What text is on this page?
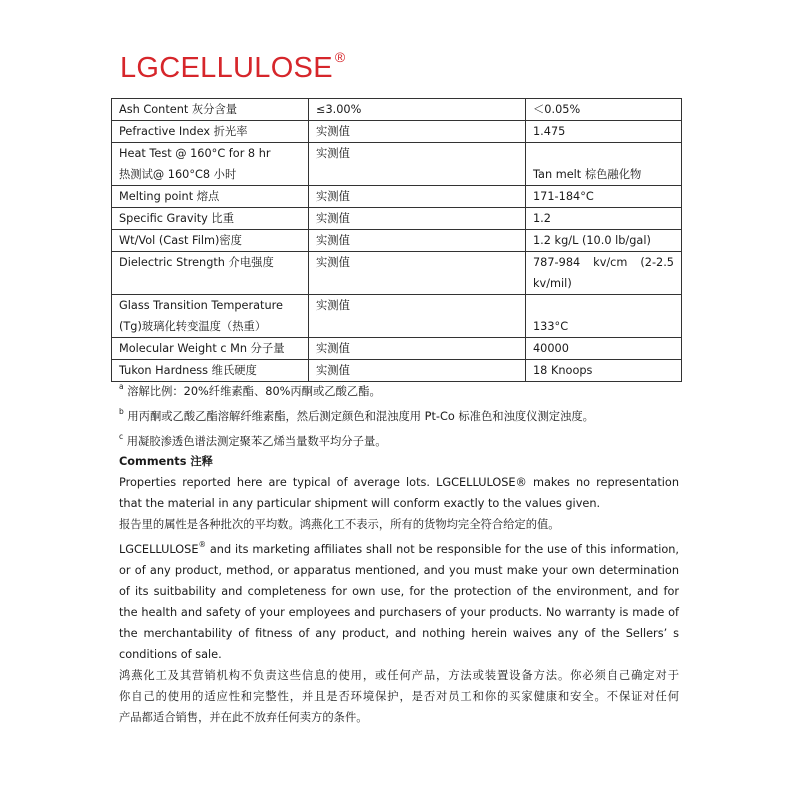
LGCELLULOSE ®
Ash Content 灰分含量	≤3.00%	＜0.05%

Pefractive Index 折光率	实测值	1.475

Heat Test @ 160°C for 8 hr
热测试@ 160°C8 小时	实测值	Tan melt 棕色融化物

Melting point 熔点	实测值	171-184°C

Specific Gravity 比重	实测值	1.2

Wt/Vol (Cast Film)密度	实测值	1.2 kg/L (10.0 lb/gal)

Dielectric Strength 介电强度	实测值	787-984 kv/cm (2-2.5 kv/mil)

Glass Transition Temperature
(Tg)玻璃化转变温度（热重）	实测值	133°C

Molecular Weight c Mn 分子量	实测值	40000

Tukon Hardness 维氏硬度	实测值	18 Knoops

$^a$ 溶解比例：20%纤维素酯、80%丙酮或乙酸乙酯。

$^b$ 用丙酮或乙酸乙酯溶解纤维素酯，然后测定颜色和混浊度用 Pt-Co 标准色和浊度仪测定浊度。

$^c$ 用凝胶渗透色谱法测定聚苯乙烯当量数平均分子量。

Comments 注释

Properties reported here are typical of average lots. LGCELLULOSE® makes no representation

that the material in any particular shipment will conform exactly to the values given.

报告里的属性是各种批次的平均数。鸿燕化工不表示，所有的货物均完全符合给定的值。

LGCELLULOSE® and its marketing affiliates shall not be responsible for the use of this information,

or of any product, method, or apparatus mentioned, and you must make your own determination

of its suitbability and completeness for own use, for the protection of the environment, and for

the health and safety of your employees and purchasers of your products. No warranty is made of

the merchantability of fitness of any product, and nothing herein waives any of the Sellers’ s

conditions of sale.

鸿燕化工及其营销机构不负责这些信息的使用，或任何产品，方法或装置设备方法。你必须自己确定对于

你自己的使用的适应性和完整性，并且是否环境保护，是否对员工和你的买家健康和安全。不保证对任何

产品都适合销售，并在此不放弃任何卖方的条件。
